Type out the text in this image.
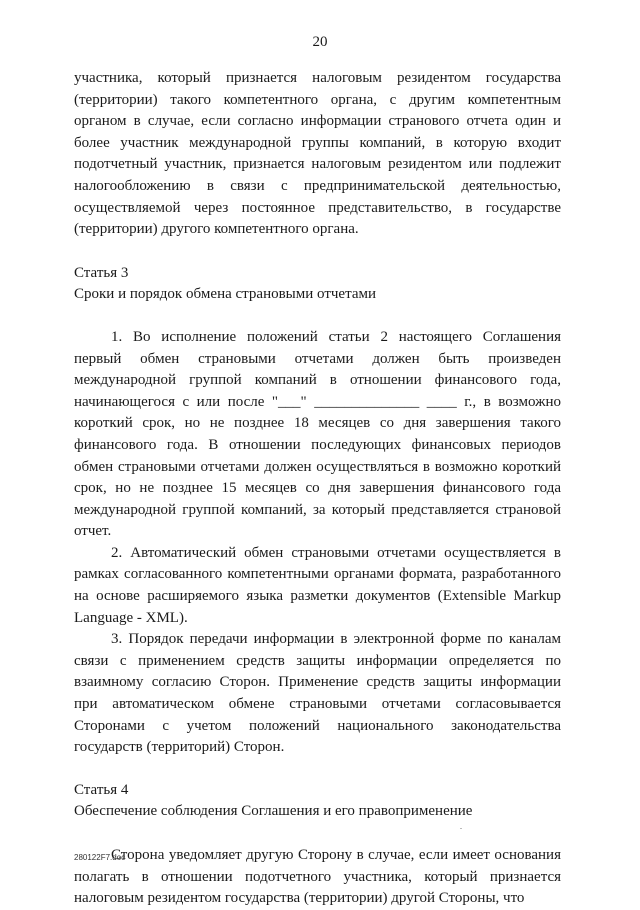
20

участника, который признается налоговым резидентом государства (территории) такого компетентного органа, с другим компетентным органом в случае, если согласно информации странового отчета один и более участник международной группы компаний, в которую входит подотчетный участник, признается налоговым резидентом или подлежит налогообложению в связи с предпринимательской деятельностью, осуществляемой через постоянное представительство, в государстве (территории) другого компетентного органа.

Статья 3

Сроки и порядок обмена страновыми отчетами

1. Во исполнение положений статьи 2 настоящего Соглашения первый обмен страновыми отчетами должен быть произведен международной группой компаний в отношении финансового года, начинающегося с или после "___" ______________ ____ г., в возможно короткий срок, но не позднее 18 месяцев со дня завершения такого финансового года. В отношении последующих финансовых периодов обмен страновыми отчетами должен осуществляться в возможно короткий срок, но не позднее 15 месяцев со дня завершения финансового года международной группой компаний, за который представляется страновой отчет.

2. Автоматический обмен страновыми отчетами осуществляется в рамках согласованного компетентными органами формата, разработанного на основе расширяемого языка разметки документов (Extensible Markup Language - XML).

3. Порядок передачи информации в электронной форме по каналам связи с применением средств защиты информации определяется по взаимному согласию Сторон. Применение средств защиты информации при автоматическом обмене страновыми отчетами согласовывается Сторонами с учетом положений национального законодательства государств (территорий) Сторон.

Статья 4

Обеспечение соблюдения Соглашения и его правоприменение

Сторона уведомляет другую Сторону в случае, если имеет основания полагать в отношении подотчетного участника, который признается налоговым резидентом государства (территории) другой Стороны, что

280122F7.doc
